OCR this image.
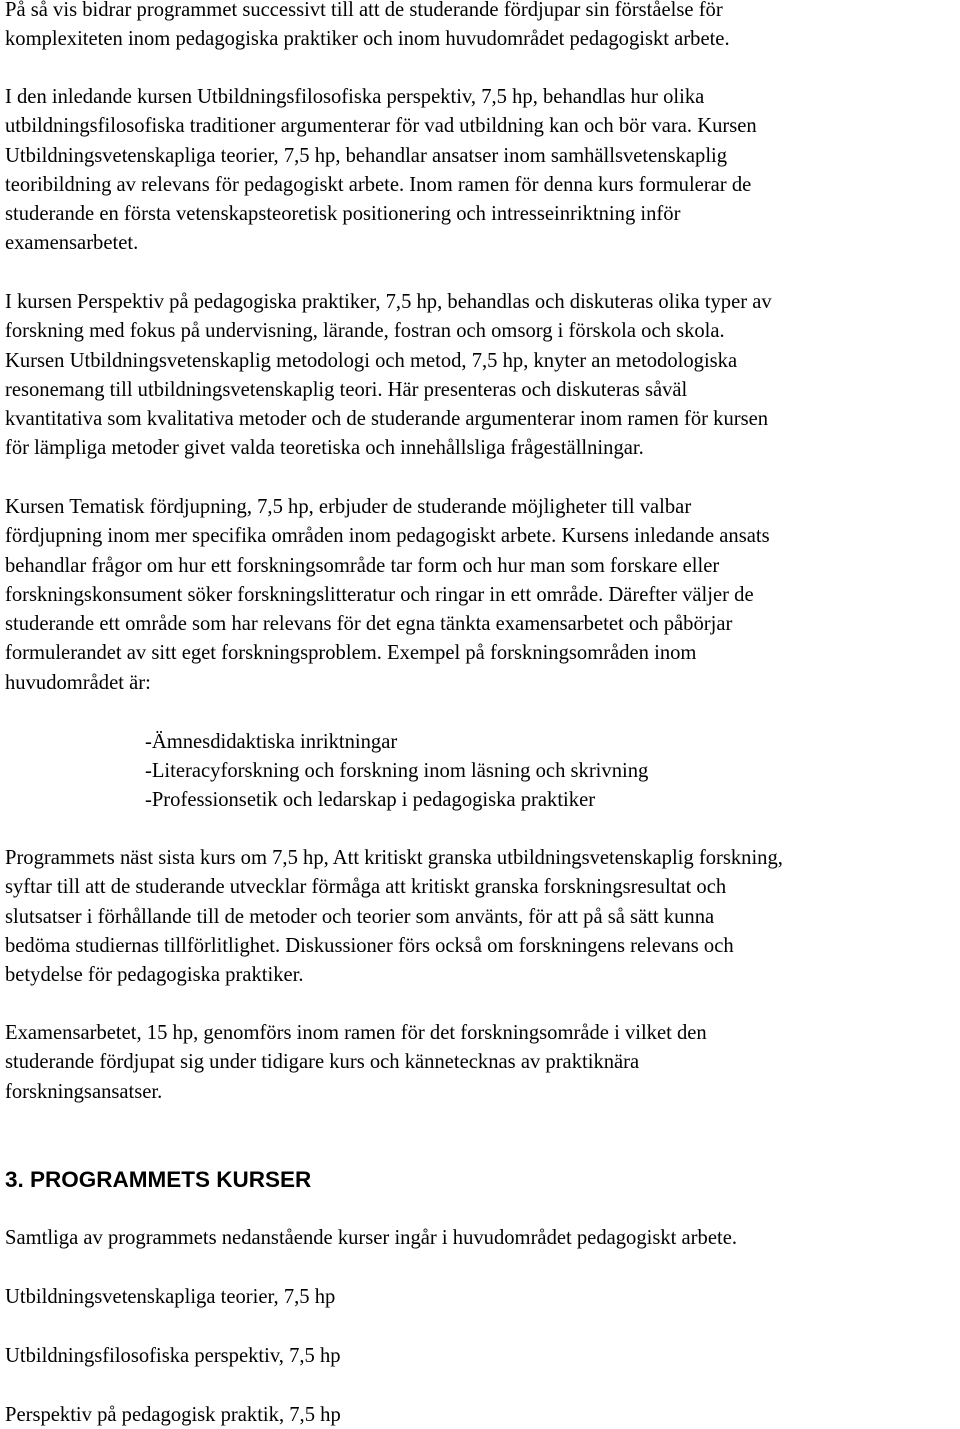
På så vis bidrar programmet successivt till att de studerande fördjupar sin förståelse för
komplexiteten inom pedagogiska praktiker och inom huvudområdet pedagogiskt arbete.

I den inledande kursen Utbildningsfilosofiska perspektiv, 7,5 hp, behandlas hur olika
utbildningsfilosofiska traditioner argumenterar för vad utbildning kan och bör vara. Kursen
Utbildningsvetenskapliga teorier, 7,5 hp, behandlar ansatser inom samhällsvetenskaplig
teoribildning av relevans för pedagogiskt arbete. Inom ramen för denna kurs formulerar de
studerande en första vetenskapsteoretisk positionering och intresseinriktning inför
examensarbetet.

I kursen Perspektiv på pedagogiska praktiker, 7,5 hp, behandlas och diskuteras olika typer av
forskning med fokus på undervisning, lärande, fostran och omsorg i förskola och skola.
Kursen Utbildningsvetenskaplig metodologi och metod, 7,5 hp, knyter an metodologiska
resonemang till utbildningsvetenskaplig teori. Här presenteras och diskuteras såväl
kvantitativa som kvalitativa metoder och de studerande argumenterar inom ramen för kursen
för lämpliga metoder givet valda teoretiska och innehållsliga frågeställningar.

Kursen Tematisk fördjupning, 7,5 hp, erbjuder de studerande möjligheter till valbar
fördjupning inom mer specifika områden inom pedagogiskt arbete. Kursens inledande ansats
behandlar frågor om hur ett forskningsområde tar form och hur man som forskare eller
forskningskonsument söker forskningslitteratur och ringar in ett område. Därefter väljer de
studerande ett område som har relevans för det egna tänkta examensarbetet och påbörjar
formulerandet av sitt eget forskningsproblem. Exempel på forskningsområden inom
huvudområdet är:

-Ämnesdidaktiska inriktningar
-Literacyforskning och forskning inom läsning och skrivning
-Professionsetik och ledarskap i pedagogiska praktiker

Programmets näst sista kurs om 7,5 hp, Att kritiskt granska utbildningsvetenskaplig forskning,
syftar till att de studerande utvecklar förmåga att kritiskt granska forskningsresultat och
slutsatser i förhållande till de metoder och teorier som använts, för att på så sätt kunna
bedöma studiernas tillförlitlighet. Diskussioner förs också om forskningens relevans och
betydelse för pedagogiska praktiker.

Examensarbetet, 15 hp, genomförs inom ramen för det forskningsområde i vilket den
studerande fördjupat sig under tidigare kurs och kännetecknas av praktiknära
forskningsansatser.

3. PROGRAMMETS KURSER

Samtliga av programmets nedanstående kurser ingår i huvudområdet pedagogiskt arbete.

Utbildningsvetenskapliga teorier, 7,5 hp

Utbildningsfilosofiska perspektiv, 7,5 hp

Perspektiv på pedagogisk praktik, 7,5 hp
